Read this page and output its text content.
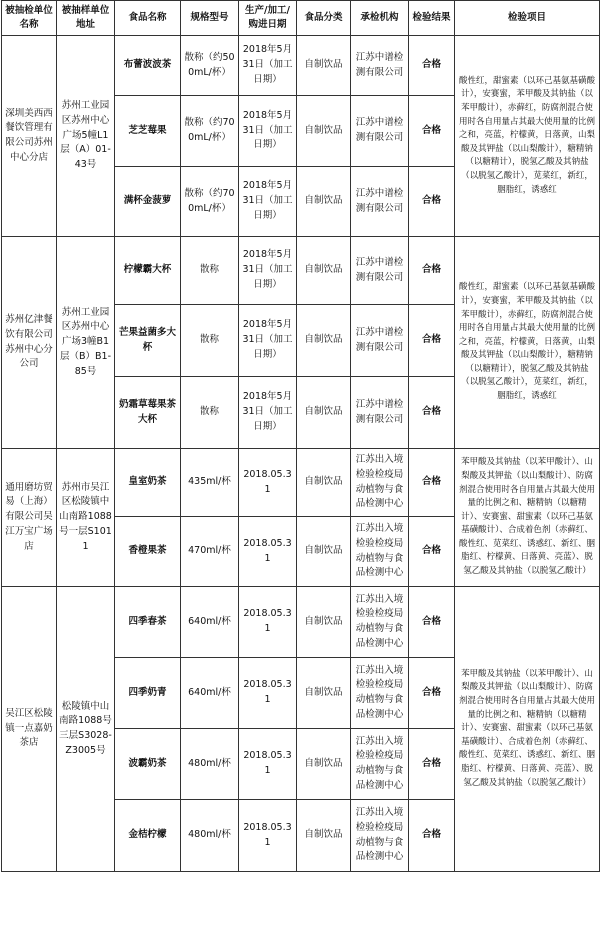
被抽检单位名称	被抽样单位地址	食品名称	规格型号	生产/加工/购进日期	食品分类	承检机构	检验结果	检验项目
深圳美西西餐饮管理有限公司苏州中心分店	苏州工业园区苏州中心广场5幢L1层（A）01-43号	布蕾波波茶	散称（约500mL/杯）	2018年5月31日（加工日期）	自制饮品	江苏中谱检测有限公司	合格	酸性红，甜蜜素（以环己基氨基磺酸计），安赛蜜，苯甲酸及其钠盐（以苯甲酸计），赤藓红，防腐剂混合使用时各自用量占其最大使用量的比例之和，亮蓝，柠檬黄，日落黄，山梨酸及其钾盐（以山梨酸计），糖精钠（以糖精计），脱氢乙酸及其钠盐（以脱氢乙酸计），苋菜红，新红，胭脂红，诱惑红
		芝芝莓果	散称（约700mL/杯）	2018年5月31日（加工日期）	自制饮品	江苏中谱检测有限公司	合格	
		满杯金菠萝	散称（约700mL/杯）	2018年5月31日（加工日期）	自制饮品	江苏中谱检测有限公司	合格	
苏州亿津餐饮有限公司苏州中心分公司	苏州工业园区苏州中心广场3幢B1层（B）B1-85号	柠檬霸大杯	散称	2018年5月31日（加工日期）	自制饮品	江苏中谱检测有限公司	合格	酸性红，甜蜜素（以环己基氨基磺酸计），安赛蜜，苯甲酸及其钠盐（以苯甲酸计），赤藓红，防腐剂混合使用时各自用量占其最大使用量的比例之和，亮蓝，柠檬黄，日落黄，山梨酸及其钾盐（以山梨酸计），糖精钠（以糖精计），脱氢乙酸及其钠盐（以脱氢乙酸计），苋菜红，新红，胭脂红，诱惑红
		芒果益菌多大杯	散称	2018年5月31日（加工日期）	自制饮品	江苏中谱检测有限公司	合格	
		奶霜草莓果茶大杯	散称	2018年5月31日（加工日期）	自制饮品	江苏中谱检测有限公司	合格	
通用磨坊贸易（上海）有限公司吴江万宝广场店	苏州市吴江区松陵镇中山南路1088号一层S1011	皇室奶茶	435ml/杯	2018.05.31	自制饮品	江苏出入境检验检疫局动植物与食品检测中心	合格	苯甲酸及其钠盐（以苯甲酸计）、山梨酸及其钾盐（以山梨酸计）、防腐剂混合使用时各自用量占其最大使用量的比例之和、糖精钠（以糖精计）、安赛蜜、甜蜜素（以环己基氨基磺酸计）、合成着色剂（赤藓红、酸性红、苋菜红、诱惑红、新红、胭脂红、柠檬黄、日落黄、亮蓝）、脱氢乙酸及其钠盐（以脱氢乙酸计）
		香橙果茶	470ml/杯	2018.05.31	自制饮品	江苏出入境检验检疫局动植物与食品检测中心	合格	
吴江区松陵镇一点嘉奶茶店	松陵镇中山南路1088号三层S3028-Z3005号	四季春茶	640ml/杯	2018.05.31	自制饮品	江苏出入境检验检疫局动植物与食品检测中心	合格	苯甲酸及其钠盐（以苯甲酸计）、山梨酸及其钾盐（以山梨酸计）、防腐剂混合使用时各自用量占其最大使用量的比例之和、糖精钠（以糖精计）、安赛蜜、甜蜜素（以环己基氨基磺酸计）、合成着色剂（赤藓红、酸性红、苋菜红、诱惑红、新红、胭脂红、柠檬黄、日落黄、亮蓝）、脱氢乙酸及其钠盐（以脱氢乙酸计）
		四季奶青	640ml/杯	2018.05.31	自制饮品	江苏出入境检验检疫局动植物与食品检测中心	合格	
		波霸奶茶	480ml/杯	2018.05.31	自制饮品	江苏出入境检验检疫局动植物与食品检测中心	合格	
		金桔柠檬	480ml/杯	2018.05.31	自制饮品	江苏出入境检验检疫局动植物与食品检测中心	合格	
